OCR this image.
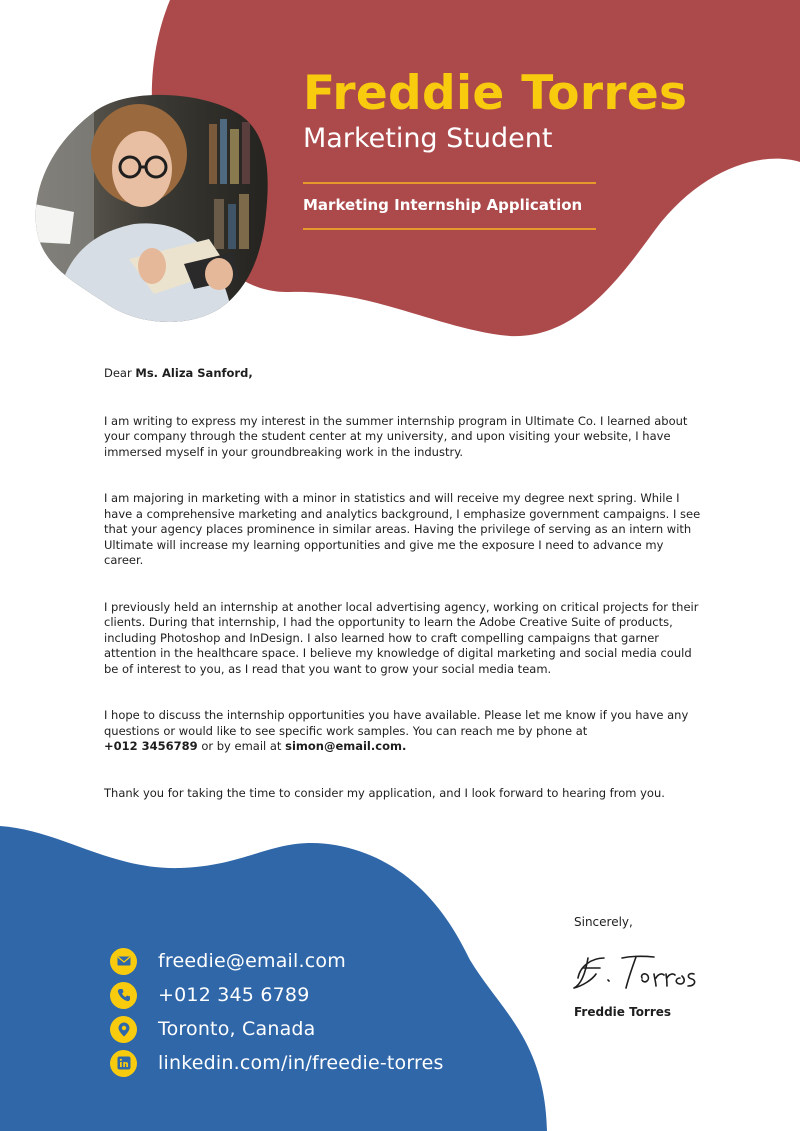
Freddie Torres
Marketing Student
Marketing Internship Application

Dear Ms. Aliza Sanford,

I am writing to express my interest in the summer internship program in Ultimate Co. I learned about your company through the student center at my university, and upon visiting your website, I have immersed myself in your groundbreaking work in the industry.

I am majoring in marketing with a minor in statistics and will receive my degree next spring. While I have a comprehensive marketing and analytics background, I emphasize government campaigns. I see that your agency places prominence in similar areas. Having the privilege of serving as an intern with Ultimate will increase my learning opportunities and give me the exposure I need to advance my career.

I previously held an internship at another local advertising agency, working on critical projects for their clients. During that internship, I had the opportunity to learn the Adobe Creative Suite of products, including Photoshop and InDesign. I also learned how to craft compelling campaigns that garner attention in the healthcare space. I believe my knowledge of digital marketing and social media could be of interest to you, as I read that you want to grow your social media team.

I hope to discuss the internship opportunities you have available. Please let me know if you have any questions or would like to see specific work samples. You can reach me by phone at
+012 3456789 or by email at simon@email.com.

Thank you for taking the time to consider my application, and I look forward to hearing from you.

Sincerely,
Freddie Torres
freedie@email.com
+012 345 6789
Toronto, Canada
linkedin.com/in/freedie-torres
